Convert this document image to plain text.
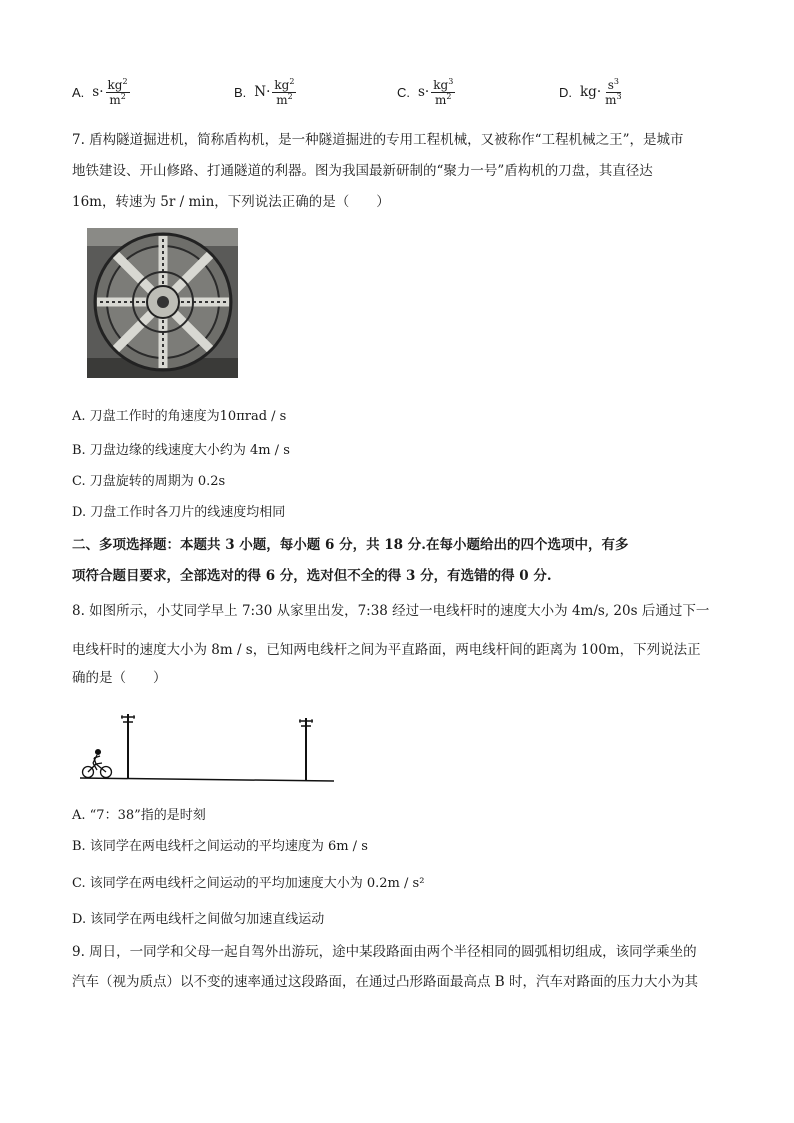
A. $s\cdot \frac{kg^2}{m^2}$	B. $N\cdot \frac{kg^2}{m^2}$	C. $s\cdot \frac{kg^3}{m^2}$	D. $kg\cdot \frac{s^3}{m^3}$
7. 盾构隧道掘进机，简称盾构机，是一种隧道掘进的专用工程机械，又被称作“工程机械之王”，是城市
地铁建设、开山修路、打通隧道的利器。图为我国最新研制的“聚力一号”盾构机的刀盘，其直径达
16m，转速为 5r / min，下列说法正确的是（　　）
A. 刀盘工作时的角速度为10πrad / s
B. 刀盘边缘的线速度大小约为 4m / s
C. 刀盘旋转的周期为 0.2s
D. 刀盘工作时各刀片的线速度均相同
二、多项选择题：本题共 3 小题，每小题 6 分，共 18 分.在每小题给出的四个选项中，有多
项符合题目要求，全部选对的得 6 分，选对但不全的得 3 分，有选错的得 0 分.
8. 如图所示，小艾同学早上 7:30 从家里出发，7:38 经过一电线杆时的速度大小为 4m/s, 20s 后通过下一
电线杆时的速度大小为 8m / s，已知两电线杆之间为平直路面，两电线杆间的距离为 100m，下列说法正
确的是（　　）
A. “7：38”指的是时刻
B. 该同学在两电线杆之间运动的平均速度为 6m / s
C. 该同学在两电线杆之间运动的平均加速度大小为 0.2m / s²
D. 该同学在两电线杆之间做匀加速直线运动
9. 周日，一同学和父母一起自驾外出游玩，途中某段路面由两个半径相同的圆弧相切组成，该同学乘坐的
汽车（视为质点）以不变的速率通过这段路面，在通过凸形路面最高点 B 时，汽车对路面的压力大小为其
